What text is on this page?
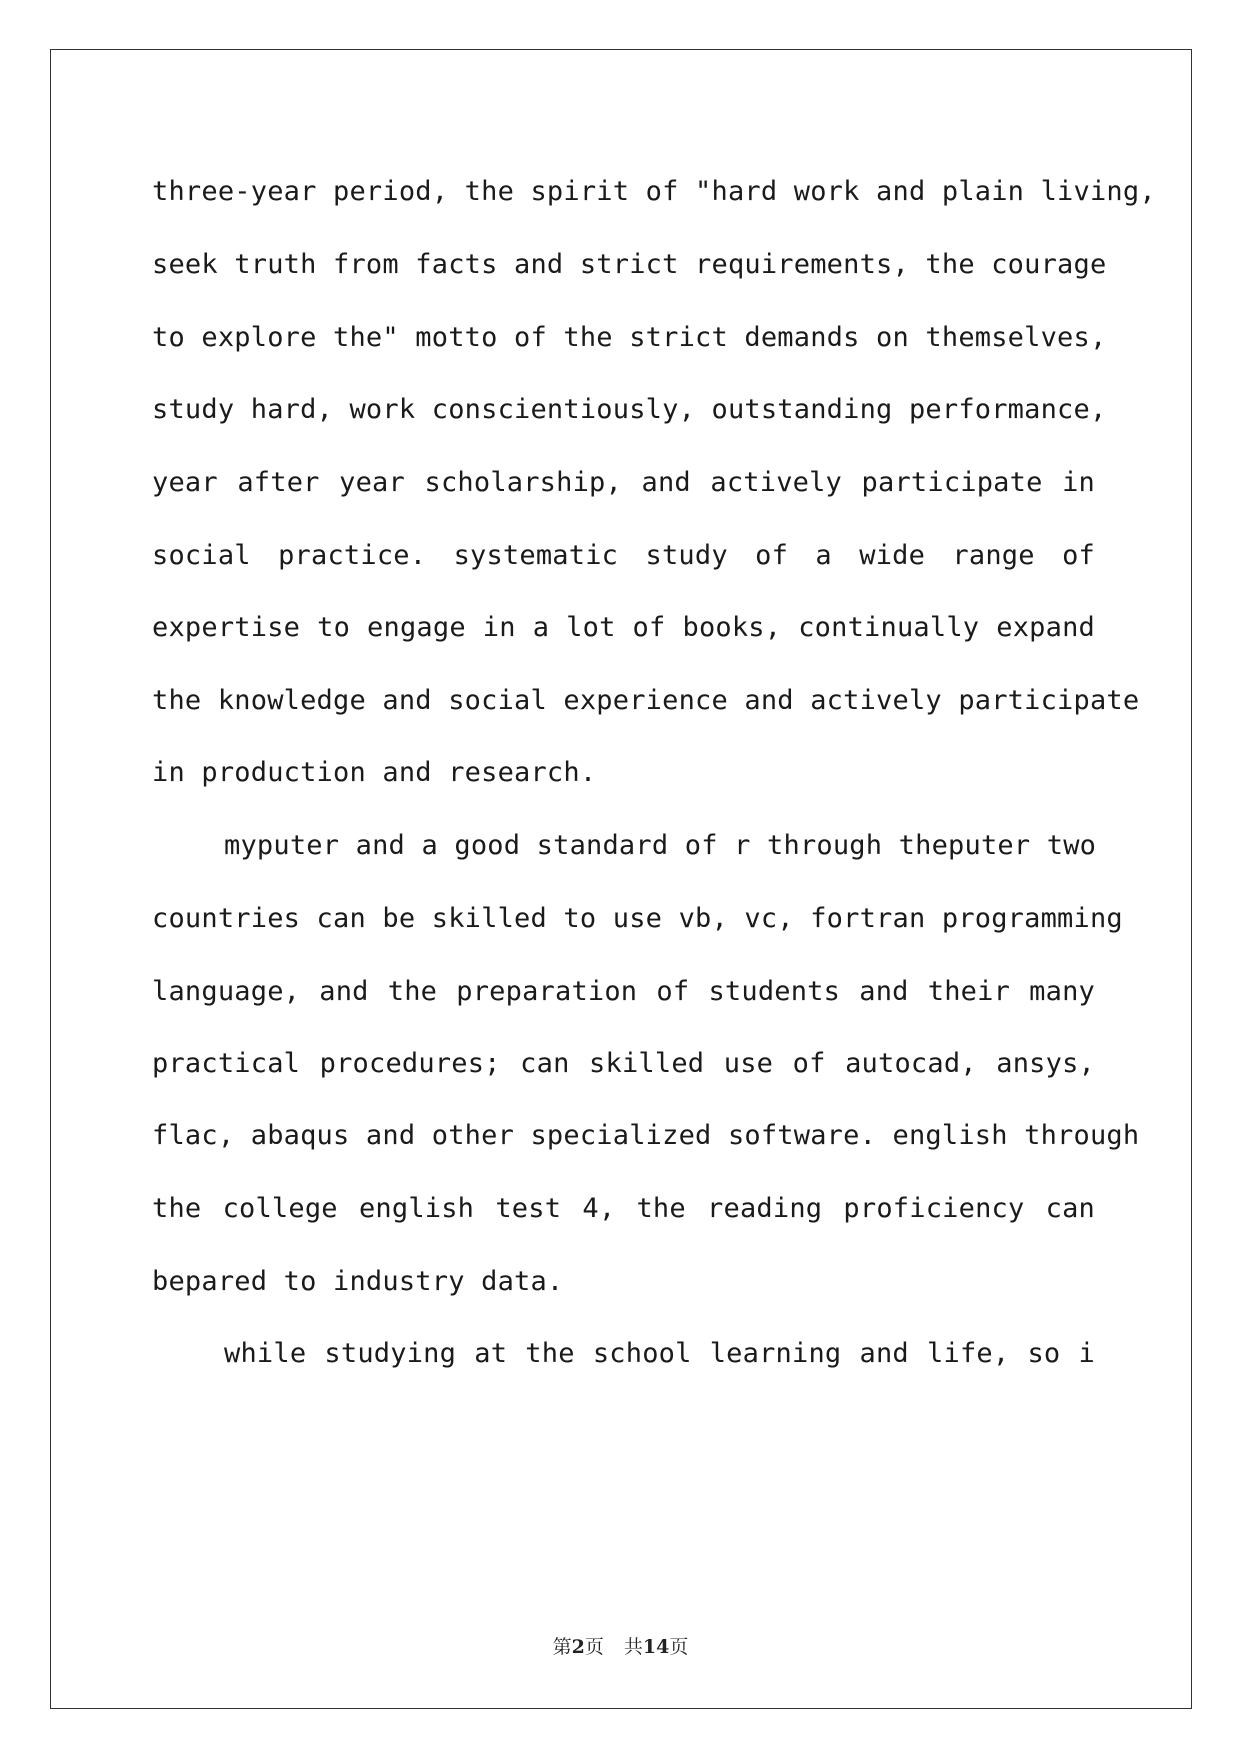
three-year period, the spirit of "hard work and plain living,
seek truth from facts and strict requirements, the courage
to explore the" motto of the strict demands on themselves,
study hard, work conscientiously, outstanding performance,
year after year scholarship, and actively participate in
social practice. systematic study of a wide range of
expertise to engage in a lot of books, continually expand
the knowledge and social experience and actively participate
in production and research.
myputer and a good standard of r through theputer two
countries can be skilled to use vb, vc, fortran programming
language, and the preparation of students and their many
practical procedures; can skilled use of autocad, ansys,
flac, abaqus and other specialized software. english through
the college english test 4, the reading proficiency can
bepared to industry data.
while studying at the school learning and life, so i
第2页 共14页
